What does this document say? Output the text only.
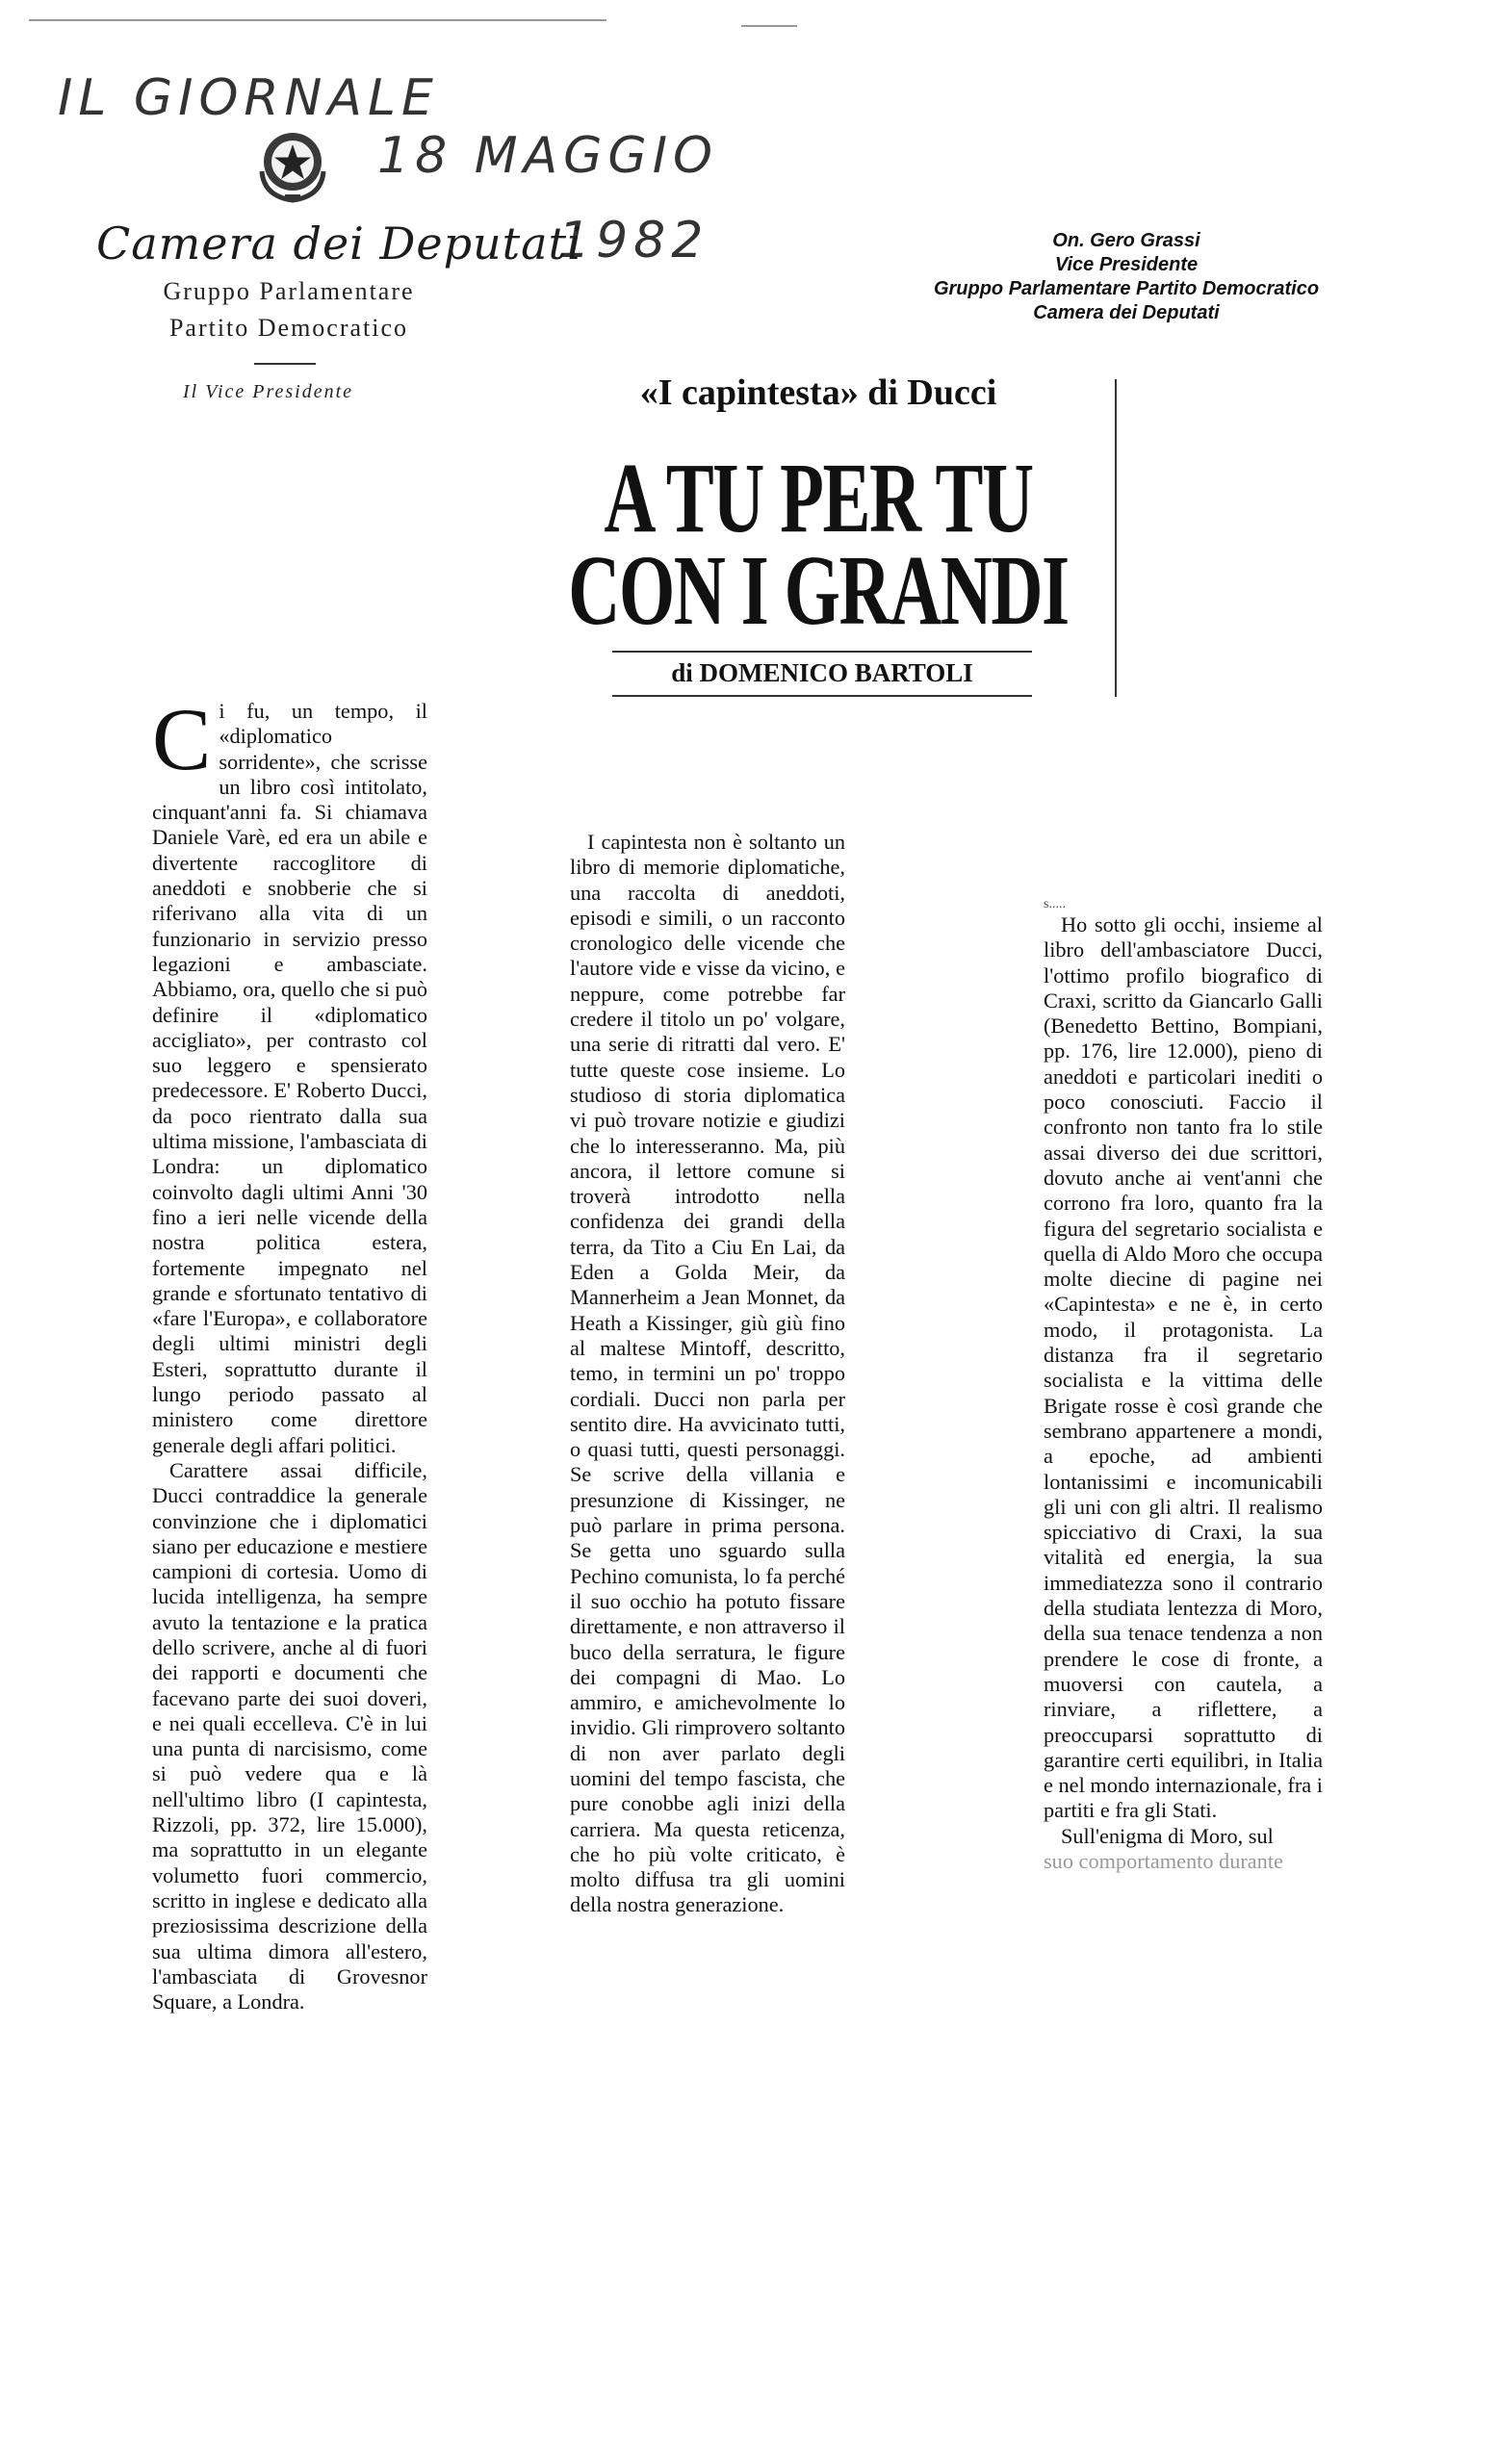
IL GIORNALE
18 MAGGIO
1982
Camera dei Deputati
Gruppo Parlamentare
Partito Democratico
Il Vice Presidente
On. Gero Grassi
Vice Presidente
Gruppo Parlamentare Partito Democratico
Camera dei Deputati
«I capintesta» di Ducci
A TU PER TU
CON I GRANDI
di DOMENICO BARTOLI

Ci fu, un tempo, il «diplomatico sorridente», che scrisse un libro così intitolato, cinquant'anni fa. Si chiamava Daniele Varè, ed era un abile e divertente raccoglitore di aneddoti e snobberie che si riferivano alla vita di un funzionario in servizio presso legazioni e ambasciate. Abbiamo, ora, quello che si può definire il «diplomatico accigliato», per contrasto col suo leggero e spensierato predecessore. E' Roberto Ducci, da poco rientrato dalla sua ultima missione, l'ambasciata di Londra: un diplomatico coinvolto dagli ultimi Anni '30 fino a ieri nelle vicende della nostra politica estera, fortemente impegnato nel grande e sfortunato tentativo di «fare l'Europa», e collaboratore degli ultimi ministri degli Esteri, soprattutto durante il lungo periodo passato al ministero come direttore generale degli affari politici.

Carattere assai difficile, Ducci contraddice la generale convinzione che i diplomatici siano per educazione e mestiere campioni di cortesia. Uomo di lucida intelligenza, ha sempre avuto la tentazione e la pratica dello scrivere, anche al di fuori dei rapporti e documenti che facevano parte dei suoi doveri, e nei quali eccelleva. C'è in lui una punta di narcisismo, come si può vedere qua e là nell'ultimo libro (I capintesta, Rizzoli, pp. 372, lire 15.000), ma soprattutto in un elegante volumetto fuori commercio, scritto in inglese e dedicato alla preziosissima descrizione della sua ultima dimora all'estero, l'ambasciata di Grovesnor Square, a Londra.

I capintesta non è soltanto un libro di memorie diplomatiche, una raccolta di aneddoti, episodi e simili, o un racconto cronologico delle vicende che l'autore vide e visse da vicino, e neppure, come potrebbe far credere il titolo un po' volgare, una serie di ritratti dal vero. E' tutte queste cose insieme. Lo studioso di storia diplomatica vi può trovare notizie e giudizi che lo interesseranno. Ma, più ancora, il lettore comune si troverà introdotto nella confidenza dei grandi della terra, da Tito a Ciu En Lai, da Eden a Golda Meir, da Mannerheim a Jean Monnet, da Heath a Kissinger, giù giù fino al maltese Mintoff, descritto, temo, in termini un po' troppo cordiali. Ducci non parla per sentito dire. Ha avvicinato tutti, o quasi tutti, questi personaggi. Se scrive della villania e presunzione di Kissinger, ne può parlare in prima persona. Se getta uno sguardo sulla Pechino comunista, lo fa perché il suo occhio ha potuto fissare direttamente, e non attraverso il buco della serratura, le figure dei compagni di Mao. Lo ammiro, e amichevolmente lo invidio. Gli rimprovero soltanto di non aver parlato degli uomini del tempo fascista, che pure conobbe agli inizi della carriera. Ma questa reticenza, che ho più volte criticato, è molto diffusa tra gli uomini della nostra generazione.

s.....

Ho sotto gli occhi, insieme al libro dell'ambasciatore Ducci, l'ottimo profilo biografico di Craxi, scritto da Giancarlo Galli (Benedetto Bettino, Bompiani, pp. 176, lire 12.000), pieno di aneddoti e particolari inediti o poco conosciuti. Faccio il confronto non tanto fra lo stile assai diverso dei due scrittori, dovuto anche ai vent'anni che corrono fra loro, quanto fra la figura del segretario socialista e quella di Aldo Moro che occupa molte diecine di pagine nei «Capintesta» e ne è, in certo modo, il protagonista. La distanza fra il segretario socialista e la vittima delle Brigate rosse è così grande che sembrano appartenere a mondi, a epoche, ad ambienti lontanissimi e incomunicabili gli uni con gli altri. Il realismo spicciativo di Craxi, la sua vitalità ed energia, la sua immediatezza sono il contrario della studiata lentezza di Moro, della sua tenace tendenza a non prendere le cose di fronte, a muoversi con cautela, a rinviare, a riflettere, a preoccuparsi soprattutto di garantire certi equilibri, in Italia e nel mondo internazionale, fra i partiti e fra gli Stati.

Sull'enigma di Moro, sul

suo comportamento durante
